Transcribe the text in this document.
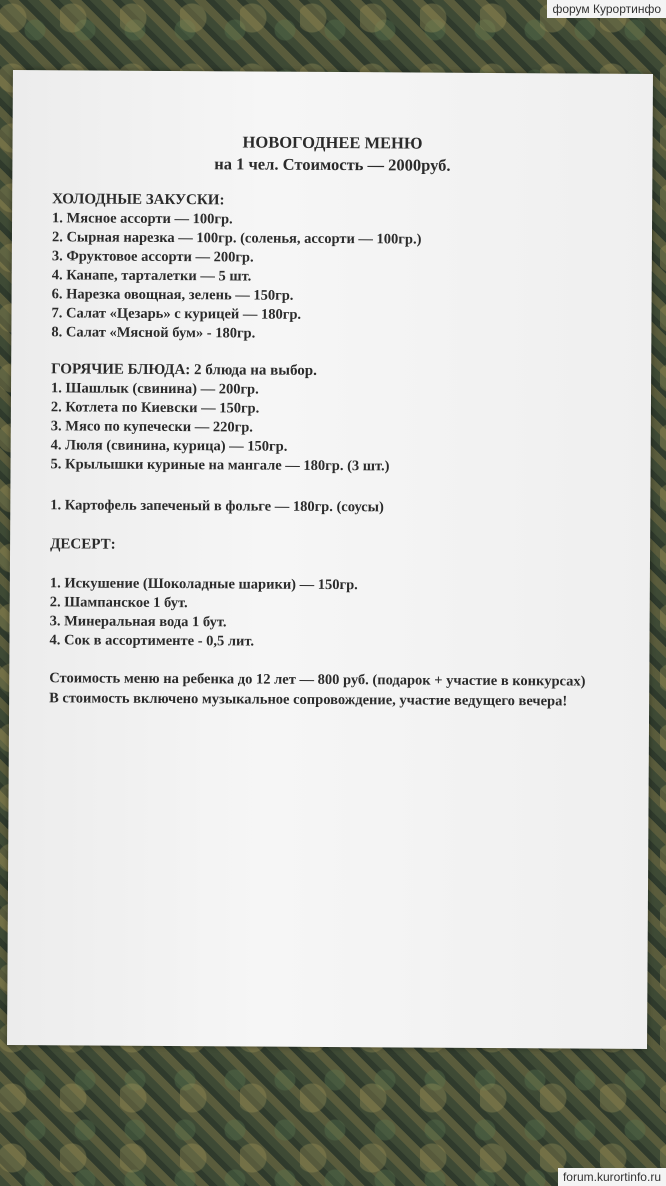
форум Курортинфо

НОВОГОДНЕЕ МЕНЮ

на 1 чел. Стоимость — 2000руб.

ХОЛОДНЫЕ ЗАКУСКИ:

1. Мясное ассорти — 100гр.

2. Сырная нарезка — 100гр. (соленья, ассорти — 100гр.)

3. Фруктовое ассорти — 200гр.

4. Канапе, тарталетки — 5 шт.

6. Нарезка овощная, зелень — 150гр.

7. Салат «Цезарь» с курицей — 180гр.

8. Салат «Мясной бум» - 180гр.

ГОРЯЧИЕ БЛЮДА: 2 блюда на выбор.

1. Шашлык (свинина) — 200гр.

2. Котлета по Киевски — 150гр.

3. Мясо по купечески — 220гр.

4. Люля (свинина, курица) — 150гр.

5. Крылышки куриные на мангале — 180гр. (3 шт.)

1. Картофель запеченый в фольге — 180гр. (соусы)

ДЕСЕРТ:

1. Искушение (Шоколадные шарики) — 150гр.

2. Шампанское 1 бут.

3. Минеральная вода 1 бут.

4. Сок в ассортименте - 0,5 лит.

Стоимость меню на ребенка до 12 лет — 800 руб. (подарок + участие в конкурсах)

В стоимость включено музыкальное сопровождение, участие ведущего вечера!

forum.kurortinfo.ru
